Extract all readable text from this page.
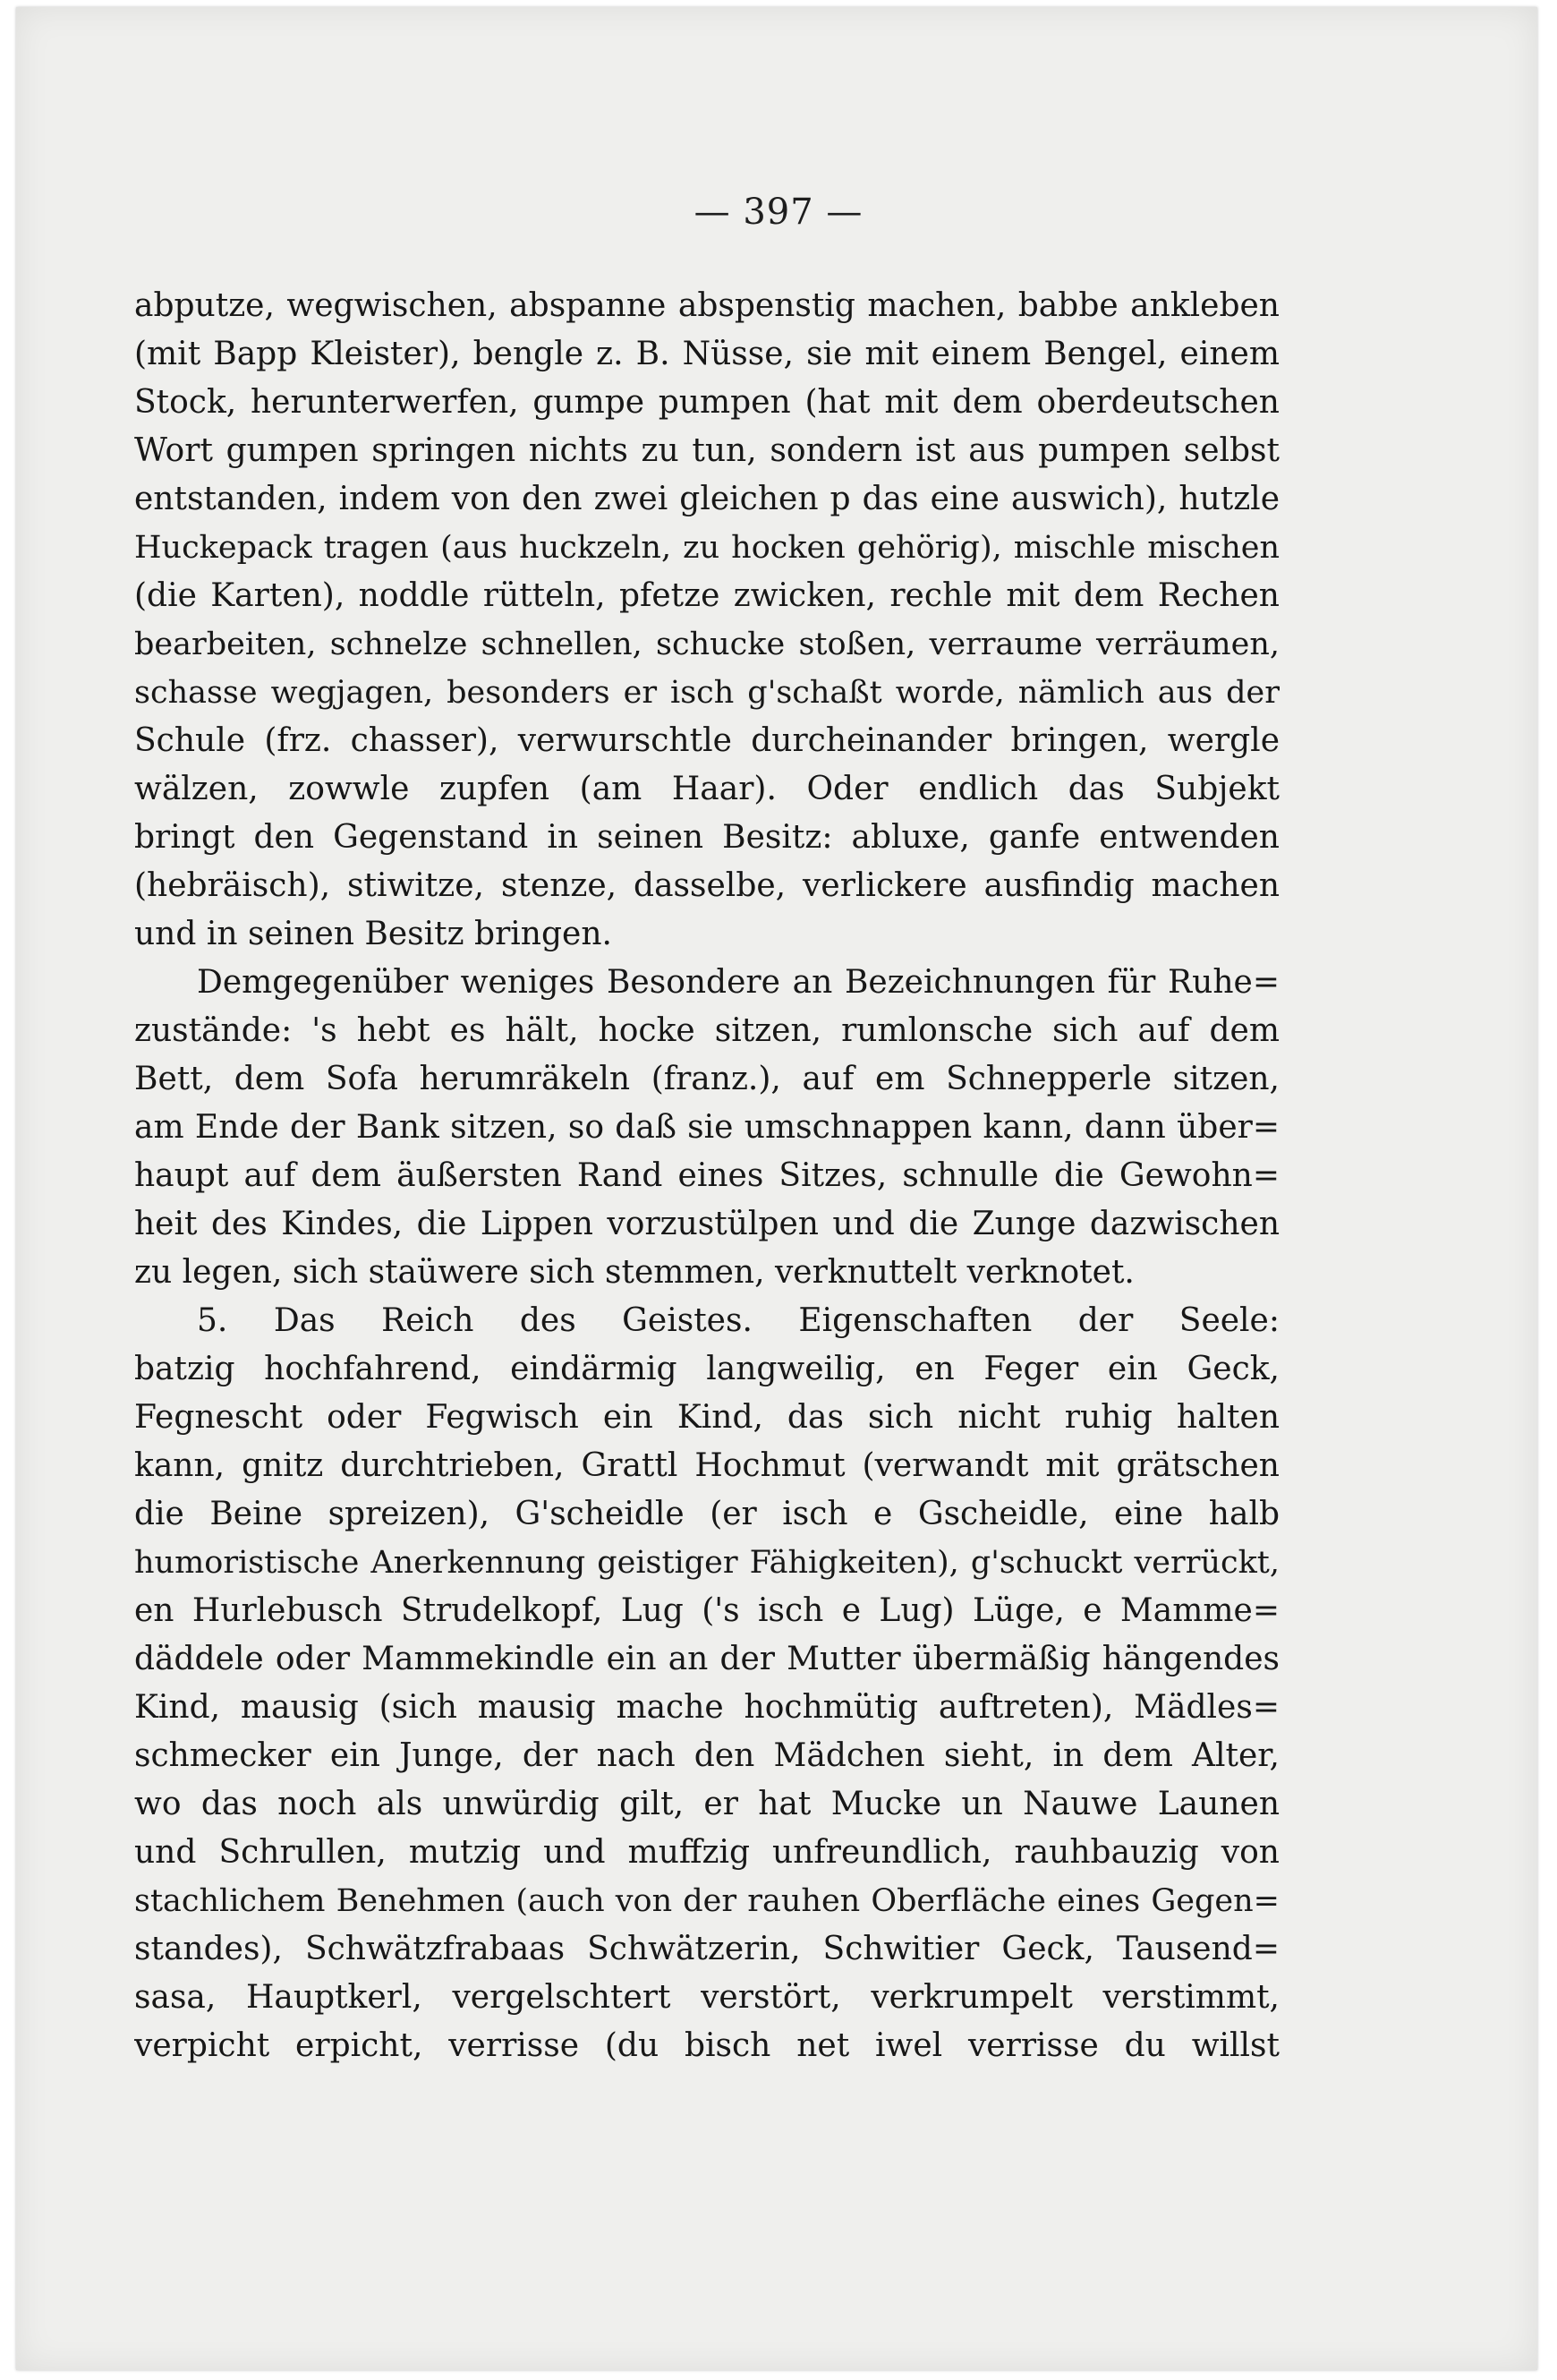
— 397 —
abputze, wegwischen, abspanne abspenstig machen, babbe ankleben
(mit Bapp Kleister), bengle z. B. Nüsse, sie mit einem Bengel, einem
Stock, herunterwerfen, gumpe pumpen (hat mit dem oberdeutschen
Wort gumpen springen nichts zu tun, sondern ist aus pumpen selbst
entstanden, indem von den zwei gleichen p das eine auswich), hutzle
Huckepack tragen (aus huckzeln, zu hocken gehörig), mischle mischen
(die Karten), noddle rütteln, pfetze zwicken, rechle mit dem Rechen
bearbeiten, schnelze schnellen, schucke stoßen, verraume verräumen,
schasse wegjagen, besonders er isch g'schaßt worde, nämlich aus der
Schule (frz. chasser), verwurschtle durcheinander bringen, wergle
wälzen, zowwle zupfen (am Haar). Oder endlich das Subjekt
bringt den Gegenstand in seinen Besitz: abluxe, ganfe entwenden
(hebräisch), stiwitze, stenze, dasselbe, verlickere ausfindig machen
und in seinen Besitz bringen.
Demgegenüber weniges Besondere an Bezeichnungen für Ruhe=
zustände: 's hebt es hält, hocke sitzen, rumlonsche sich auf dem
Bett, dem Sofa herumräkeln (franz.), auf em Schnepperle sitzen,
am Ende der Bank sitzen, so daß sie umschnappen kann, dann über=
haupt auf dem äußersten Rand eines Sitzes, schnulle die Gewohn=
heit des Kindes, die Lippen vorzustülpen und die Zunge dazwischen
zu legen, sich staüwere sich stemmen, verknuttelt verknotet.
5. Das Reich des Geistes. Eigenschaften der Seele:
batzig hochfahrend, eindärmig langweilig, en Feger ein Geck,
Fegnescht oder Fegwisch ein Kind, das sich nicht ruhig halten
kann, gnitz durchtrieben, Grattl Hochmut (verwandt mit grätschen
die Beine spreizen), G'scheidle (er isch e Gscheidle, eine halb
humoristische Anerkennung geistiger Fähigkeiten), g'schuckt verrückt,
en Hurlebusch Strudelkopf, Lug ('s isch e Lug) Lüge, e Mamme=
däddele oder Mammekindle ein an der Mutter übermäßig hängendes
Kind, mausig (sich mausig mache hochmütig auftreten), Mädles=
schmecker ein Junge, der nach den Mädchen sieht, in dem Alter,
wo das noch als unwürdig gilt, er hat Mucke un Nauwe Launen
und Schrullen, mutzig und muffzig unfreundlich, rauhbauzig von
stachlichem Benehmen (auch von der rauhen Oberfläche eines Gegen=
standes), Schwätzfrabaas Schwätzerin, Schwitier Geck, Tausend=
sasa, Hauptkerl, vergelschtert verstört, verkrumpelt verstimmt,
verpicht erpicht, verrisse (du bisch net iwel verrisse du willst
